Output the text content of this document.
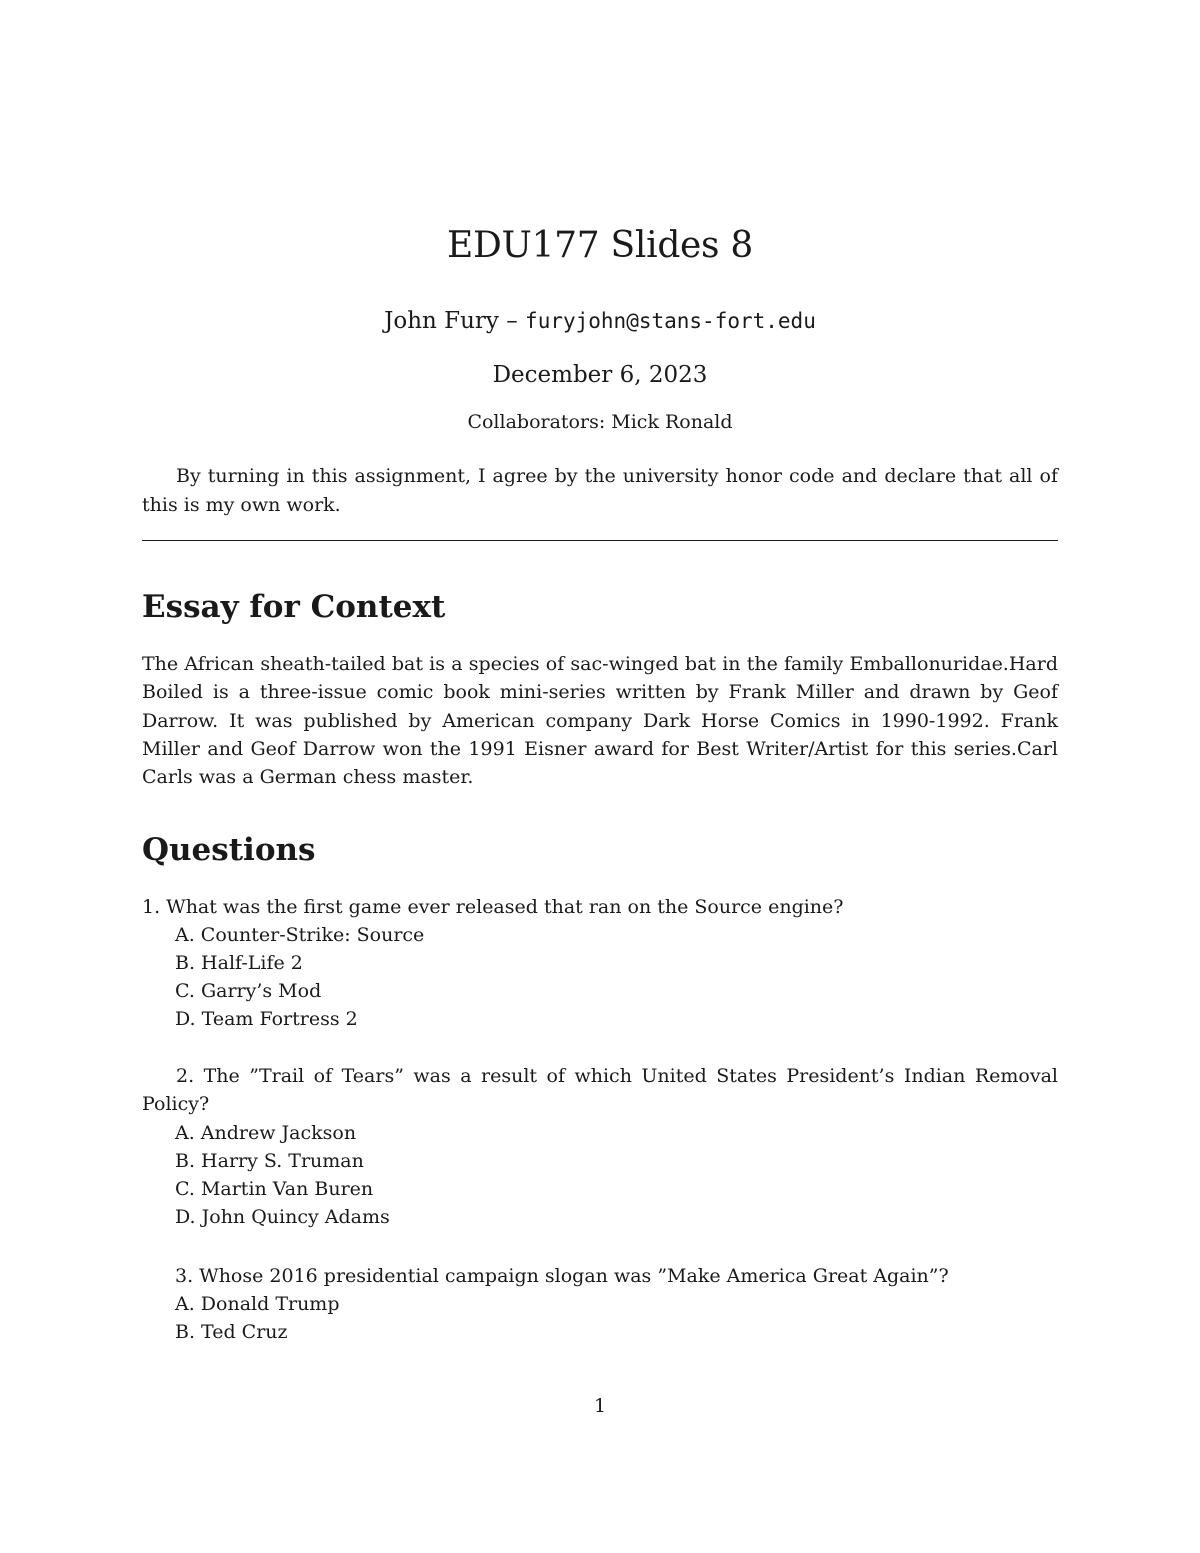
EDU177 Slides 8
John Fury – furyjohn@stans-fort.edu
December 6, 2023
Collaborators: Mick Ronald

By turning in this assignment, I agree by the university honor code and declare that all of this is my own work.

Essay for Context

The African sheath-tailed bat is a species of sac-winged bat in the family Emballonuridae.Hard Boiled is a three-issue comic book mini-series written by Frank Miller and drawn by Geof Darrow. It was published by American company Dark Horse Comics in 1990-1992. Frank Miller and Geof Darrow won the 1991 Eisner award for Best Writer/Artist for this series.Carl Carls was a German chess master.

Questions

1. What was the first game ever released that ran on the Source engine?

A. Counter-Strike: Source

B. Half-Life 2

C. Garry’s Mod

D. Team Fortress 2

2. The ”Trail of Tears” was a result of which United States President’s Indian Removal Policy?

A. Andrew Jackson

B. Harry S. Truman

C. Martin Van Buren

D. John Quincy Adams

3. Whose 2016 presidential campaign slogan was ”Make America Great Again”?

A. Donald Trump

B. Ted Cruz

1
